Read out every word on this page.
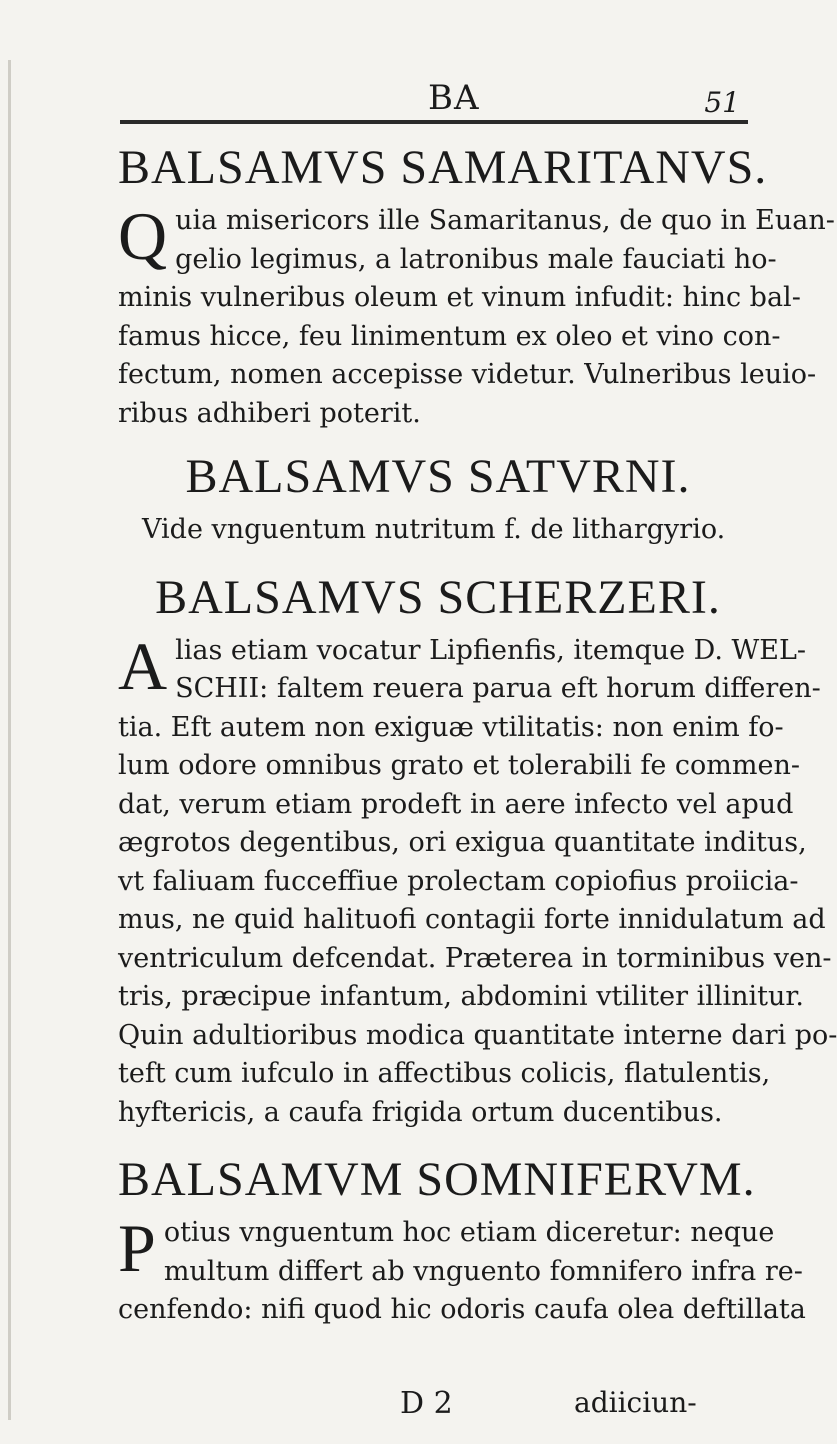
BA	51
BALSAMVS SAMARITANVS.
Q uia misericors ille Samaritanus, de quo in Euan-
gelio legimus, a latronibus male fauciati ho-
minis vulneribus oleum et vinum infudit: hinc bal-
famus hicce, feu linimentum ex oleo et vino con-
fectum, nomen accepisse videtur. Vulneribus leuio-
ribus adhiberi poterit.
BALSAMVS SATVRNI.
Vide vnguentum nutritum f. de lithargyrio.
BALSAMVS SCHERZERI.
A lias etiam vocatur Lipfienfis, itemque D. WEL-
SCHII: faltem reuera parua eft horum differen-
tia. Eft autem non exiguæ vtilitatis: non enim fo-
lum odore omnibus grato et tolerabili fe commen-
dat, verum etiam prodeft in aere infecto vel apud
ægrotos degentibus, ori exigua quantitate inditus,
vt faliuam fucceffiue prolectam copiofius proiicia-
mus, ne quid halituofi contagii forte innidulatum ad
ventriculum defcendat. Præterea in torminibus ven-
tris, præcipue infantum, abdomini vtiliter illinitur.
Quin adultioribus modica quantitate interne dari po-
teft cum iufculo in affectibus colicis, flatulentis,
hyftericis, a caufa frigida ortum ducentibus.
BALSAMVM SOMNIFERVM.
P otius vnguentum hoc etiam diceretur: neque
multum differt ab vnguento fomnifero infra re-
cenfendo: nifi quod hic odoris caufa olea deftillata
D 2	adiiciun-
